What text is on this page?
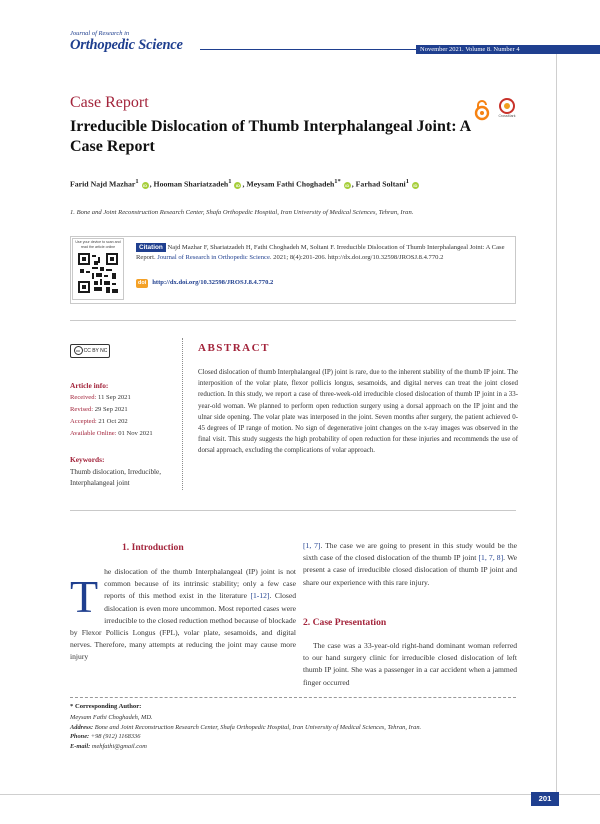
Journal of Research in
Orthopedic Science	November 2021. Volume 8. Number 4
Case Report
Irreducible Dislocation of Thumb Interphalangeal Joint: A Case Report
CrossMark
Farid Najd Mazhar$^1$ iD , Hooman Shariatzadeh$^1$ iD , Meysam Fathi Choghadeh$^{1*}$ iD , Farhad Soltani$^1$ iD
1. Bone and Joint Reconstruction Research Center, Shafa Orthopedic Hospital, Iran University of Medical Sciences, Tehran, Iran.
Use your device to scan and read the article online	Citation Najd Mazhar F, Shariatzadeh H, Fathi Choghadeh M, Soltani F. Irreducible Dislocation of Thumb Interphalangeal Joint: A Case Report. Journal of Research in Orthopedic Science. 2021; 8(4):201-206. http://dx.doi.org/10.32598/JROSJ.8.4.770.2
doi http://dx.doi.org/10.32598/JROSJ.8.4.770.2
cc CC BY NC
Article info:
Received: 11 Sep 2021
Revised: 29 Sep 2021
Accepted: 21 Oct 202
Available Online: 01 Nov 2021
Keywords:
Thumb dislocation, Irreducible, Interphalangeal joint
ABSTRACT
Closed dislocation of thumb Interphalangeal (IP) joint is rare, due to the inherent stability of the thumb IP joint. The interposition of the volar plate, flexor pollicis longus, sesamoids, and digital nerves can treat the joint closed reduction. In this study, we report a case of three-week-old irreducible closed dislocation of thumb IP joint in a 33-year-old woman. We planned to perform open reduction surgery using a dorsal approach on the IP joint and the ulnar side opening. The volar plate was interposed in the joint. Seven months after surgery, the patient achieved 0-45 degrees of IP range of motion. No sign of degenerative joint changes on the x-ray images was observed in the final visit. This study suggests the high probability of open reduction for these injuries and recommends the use of dorsal approach, excluding the complications of volar approach.
1. Introduction
The dislocation of the thumb Interphalangeal (IP) joint is not common because of its intrinsic stability; only a few case reports of this method exist in the literature [1-12]. Closed dislocation is even more uncommon. Most reported cases were irreducible to the closed reduction method because of blockade by Flexor Pollicis Longus (FPL), volar plate, sesamoids, and digital nerves. Therefore, many attempts at reducing the joint may cause more injury
[1, 7]. The case we are going to present in this study would be the sixth case of the closed dislocation of the thumb IP joint [1, 7, 8]. We present a case of irreducible closed dislocation of thumb IP joint and share our experience with this rare injury.
2. Case Presentation
The case was a 33-year-old right-hand dominant woman referred to our hand surgery clinic for irreducible closed dislocation of left thumb IP joint. She was a passenger in a car accident when a jammed finger occurred
* Corresponding Author:
Meysam Fathi Choghadeh, MD.
Address: Bone and Joint Reconstruction Research Center, Shafa Orthopedic Hospital, Iran University of Medical Sciences, Tehran, Iran.
Phone: +98 (912) 1168336
E-mail: mehfathi@gmail.com
201
